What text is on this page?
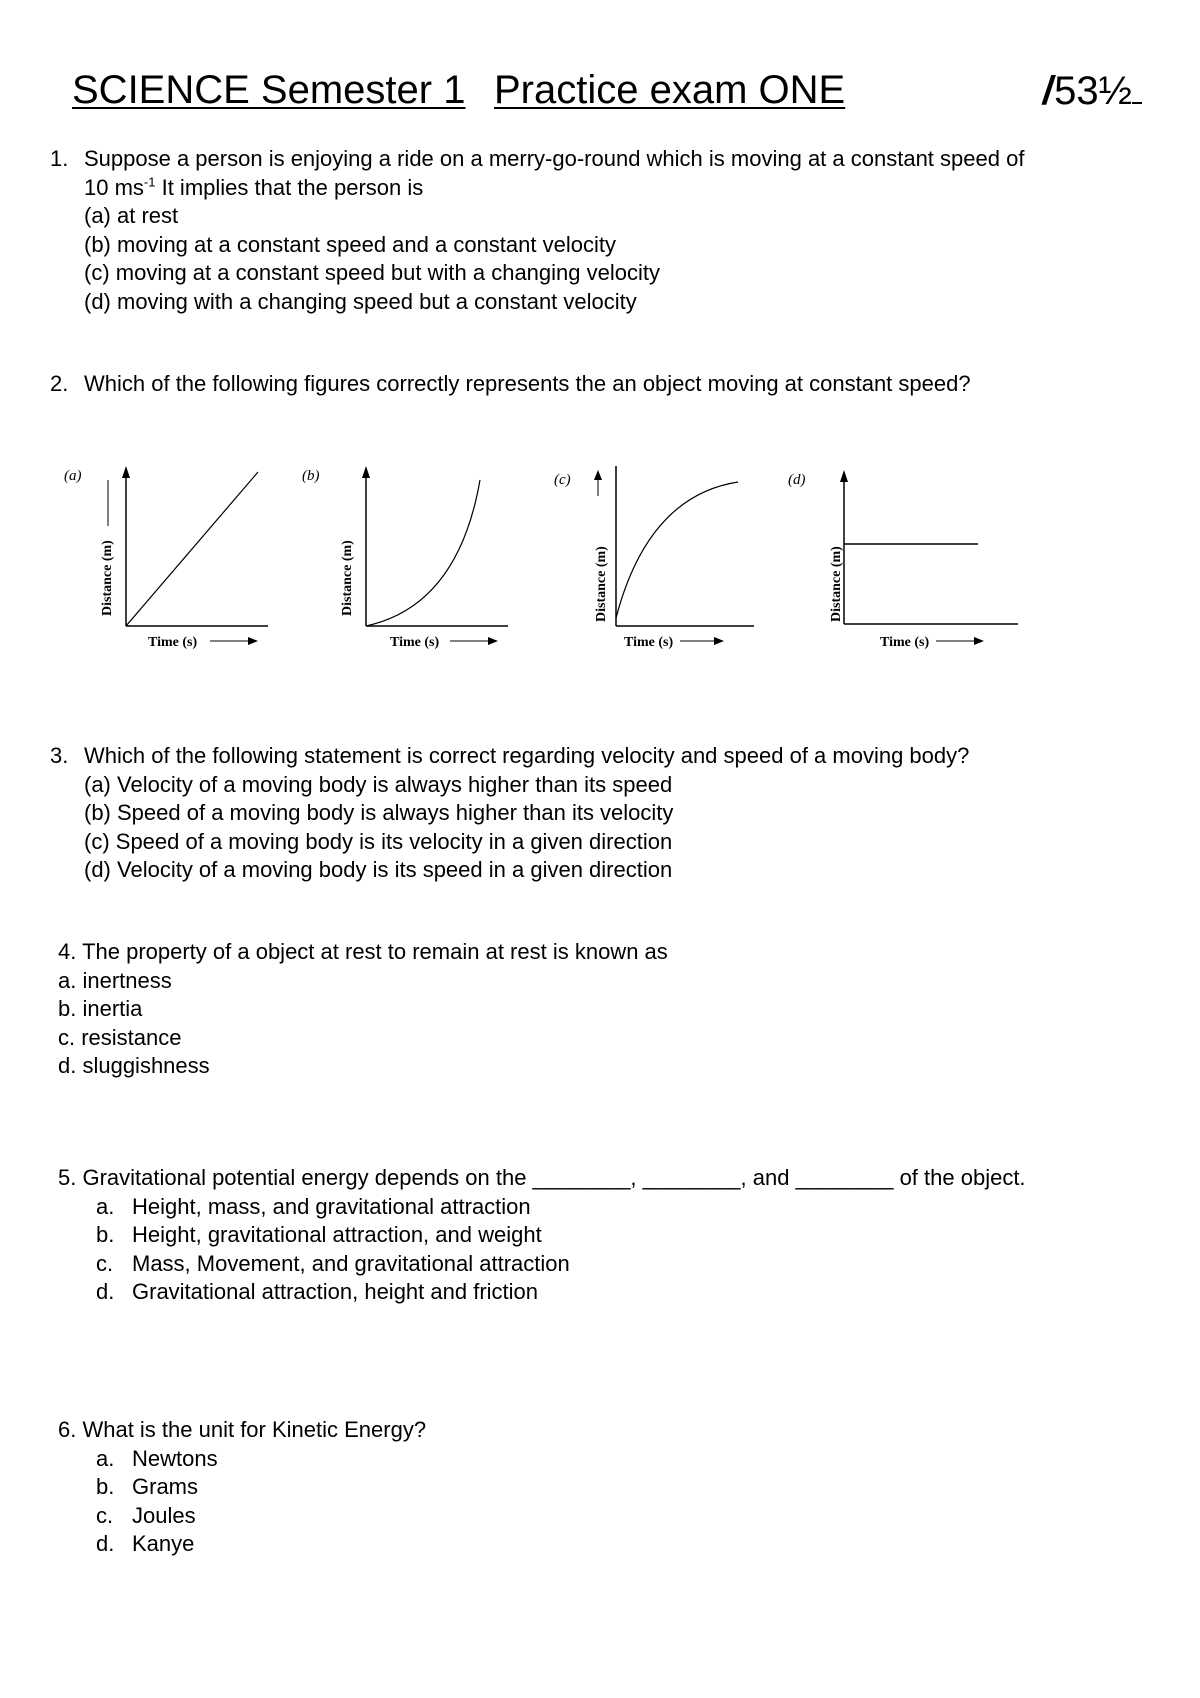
SCIENCE Semester 1 Practice exam ONE	/53½
1. Suppose a person is enjoying a ride on a merry-go-round which is moving at a constant speed of
10 $ms^{-1}$ It implies that the person is
(a) at rest
(b) moving at a constant speed and a constant velocity
(c) moving at a constant speed but with a changing velocity
(d) moving with a changing speed but a constant velocity
2. Which of the following figures correctly represents the an object moving at constant speed?
(a)
Distance (m)
Time (s)
(b)
Distance (m)
Time (s)
(c)
Distance (m)
Time (s)
(d)
Distance (m)
Time (s)
3. Which of the following statement is correct regarding velocity and speed of a moving body?
(a) Velocity of a moving body is always higher than its speed
(b) Speed of a moving body is always higher than its velocity
(c) Speed of a moving body is its velocity in a given direction
(d) Velocity of a moving body is its speed in a given direction
4. The property of a object at rest to remain at rest is known as
a. inertness
b. inertia
c. resistance
d. sluggishness
5. Gravitational potential energy depends on the ________, ________, and ________ of the object.
a. Height, mass, and gravitational attraction
b. Height, gravitational attraction, and weight
c. Mass, Movement, and gravitational attraction
d. Gravitational attraction, height and friction
6. What is the unit for Kinetic Energy?
a. Newtons
b. Grams
c. Joules
d. Kanye
